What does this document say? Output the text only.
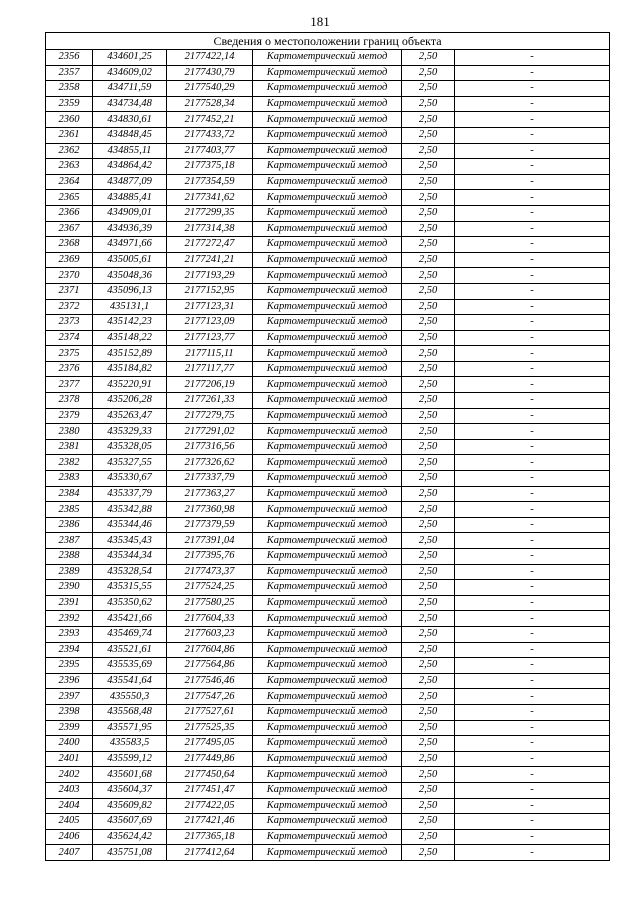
181
Сведения о местоположении границ объекта					
2356	434601,25	2177422,14	Картометрический метод	2,50	-
2357	434609,02	2177430,79	Картометрический метод	2,50	-
2358	434711,59	2177540,29	Картометрический метод	2,50	-
2359	434734,48	2177528,34	Картометрический метод	2,50	-
2360	434830,61	2177452,21	Картометрический метод	2,50	-
2361	434848,45	2177433,72	Картометрический метод	2,50	-
2362	434855,11	2177403,77	Картометрический метод	2,50	-
2363	434864,42	2177375,18	Картометрический метод	2,50	-
2364	434877,09	2177354,59	Картометрический метод	2,50	-
2365	434885,41	2177341,62	Картометрический метод	2,50	-
2366	434909,01	2177299,35	Картометрический метод	2,50	-
2367	434936,39	2177314,38	Картометрический метод	2,50	-
2368	434971,66	2177272,47	Картометрический метод	2,50	-
2369	435005,61	2177241,21	Картометрический метод	2,50	-
2370	435048,36	2177193,29	Картометрический метод	2,50	-
2371	435096,13	2177152,95	Картометрический метод	2,50	-
2372	435131,1	2177123,31	Картометрический метод	2,50	-
2373	435142,23	2177123,09	Картометрический метод	2,50	-
2374	435148,22	2177123,77	Картометрический метод	2,50	-
2375	435152,89	2177115,11	Картометрический метод	2,50	-
2376	435184,82	2177117,77	Картометрический метод	2,50	-
2377	435220,91	2177206,19	Картометрический метод	2,50	-
2378	435206,28	2177261,33	Картометрический метод	2,50	-
2379	435263,47	2177279,75	Картометрический метод	2,50	-
2380	435329,33	2177291,02	Картометрический метод	2,50	-
2381	435328,05	2177316,56	Картометрический метод	2,50	-
2382	435327,55	2177326,62	Картометрический метод	2,50	-
2383	435330,67	2177337,79	Картометрический метод	2,50	-
2384	435337,79	2177363,27	Картометрический метод	2,50	-
2385	435342,88	2177360,98	Картометрический метод	2,50	-
2386	435344,46	2177379,59	Картометрический метод	2,50	-
2387	435345,43	2177391,04	Картометрический метод	2,50	-
2388	435344,34	2177395,76	Картометрический метод	2,50	-
2389	435328,54	2177473,37	Картометрический метод	2,50	-
2390	435315,55	2177524,25	Картометрический метод	2,50	-
2391	435350,62	2177580,25	Картометрический метод	2,50	-
2392	435421,66	2177604,33	Картометрический метод	2,50	-
2393	435469,74	2177603,23	Картометрический метод	2,50	-
2394	435521,61	2177604,86	Картометрический метод	2,50	-
2395	435535,69	2177564,86	Картометрический метод	2,50	-
2396	435541,64	2177546,46	Картометрический метод	2,50	-
2397	435550,3	2177547,26	Картометрический метод	2,50	-
2398	435568,48	2177527,61	Картометрический метод	2,50	-
2399	435571,95	2177525,35	Картометрический метод	2,50	-
2400	435583,5	2177495,05	Картометрический метод	2,50	-
2401	435599,12	2177449,86	Картометрический метод	2,50	-
2402	435601,68	2177450,64	Картометрический метод	2,50	-
2403	435604,37	2177451,47	Картометрический метод	2,50	-
2404	435609,82	2177422,05	Картометрический метод	2,50	-
2405	435607,69	2177421,46	Картометрический метод	2,50	-
2406	435624,42	2177365,18	Картометрический метод	2,50	-
2407	435751,08	2177412,64	Картометрический метод	2,50	-
